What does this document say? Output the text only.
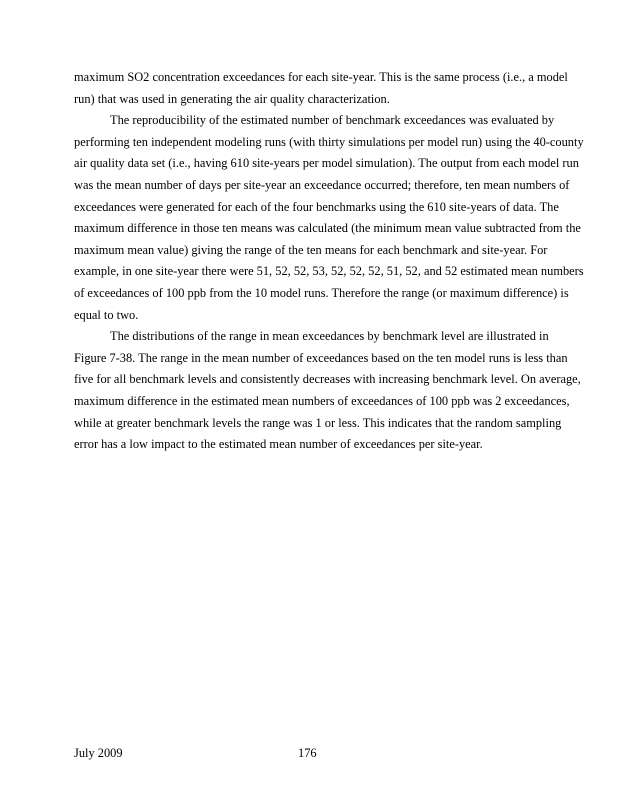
maximum SO2 concentration exceedances for each site-year. This is the same process (i.e., a model run) that was used in generating the air quality characterization.

The reproducibility of the estimated number of benchmark exceedances was evaluated by performing ten independent modeling runs (with thirty simulations per model run) using the 40-county air quality data set (i.e., having 610 site-years per model simulation). The output from each model run was the mean number of days per site-year an exceedance occurred; therefore, ten mean numbers of exceedances were generated for each of the four benchmarks using the 610 site-years of data. The maximum difference in those ten means was calculated (the minimum mean value subtracted from the maximum mean value) giving the range of the ten means for each benchmark and site-year. For example, in one site-year there were 51, 52, 52, 53, 52, 52, 52, 51, 52, and 52 estimated mean numbers of exceedances of 100 ppb from the 10 model runs. Therefore the range (or maximum difference) is equal to two.

The distributions of the range in mean exceedances by benchmark level are illustrated in Figure 7-38. The range in the mean number of exceedances based on the ten model runs is less than five for all benchmark levels and consistently decreases with increasing benchmark level. On average, maximum difference in the estimated mean numbers of exceedances of 100 ppb was 2 exceedances, while at greater benchmark levels the range was 1 or less. This indicates that the random sampling error has a low impact to the estimated mean number of exceedances per site-year.

July 2009	176
